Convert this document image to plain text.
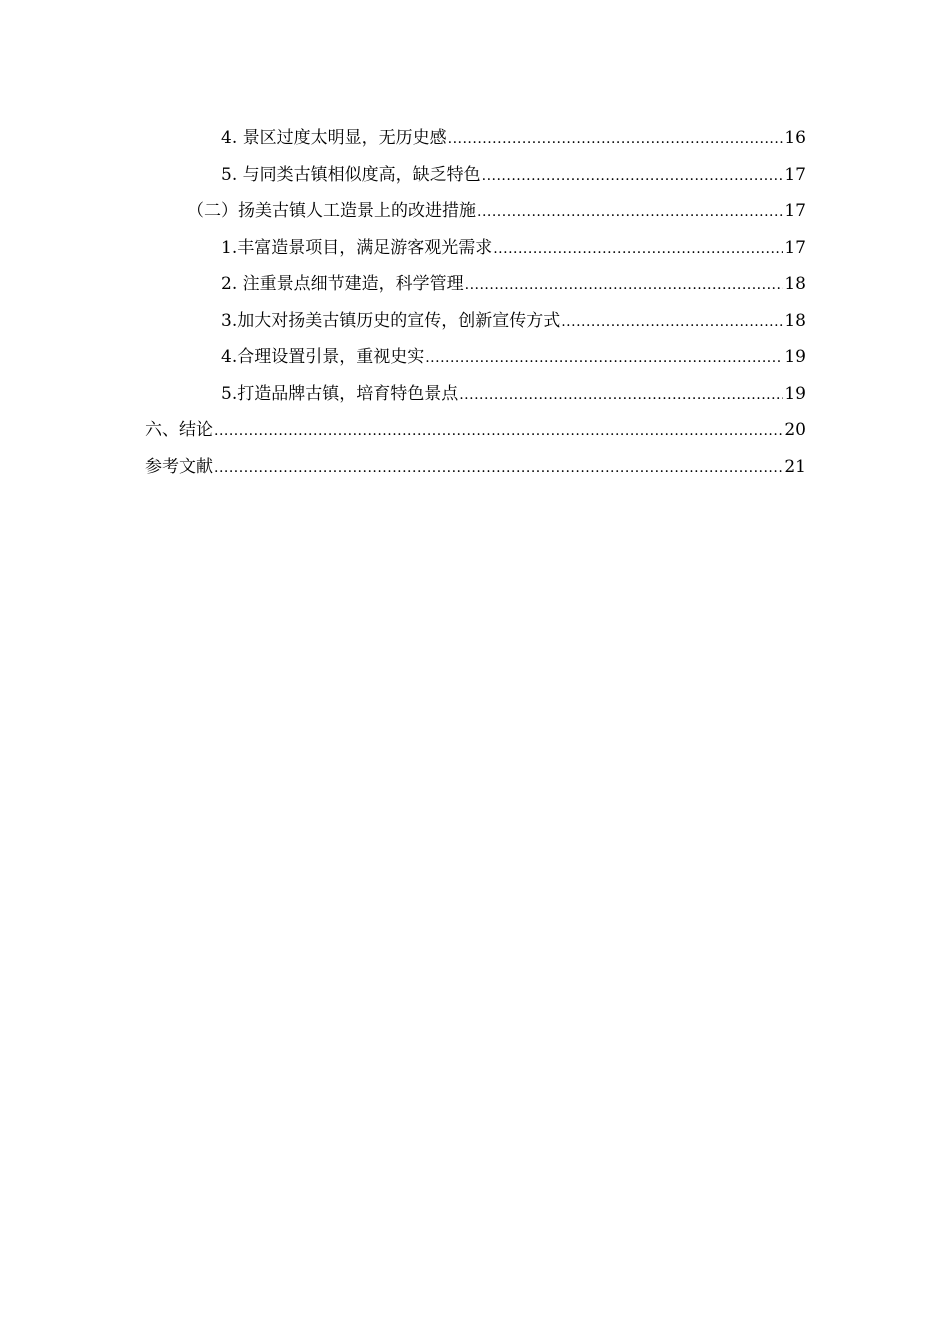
4. 景区过度太明显，无历史感 .....	16
5. 与同类古镇相似度高，缺乏特色 .....	17
（二）扬美古镇人工造景上的改进措施 .....	17
1.丰富造景项目，满足游客观光需求 .....	17
2. 注重景点细节建造，科学管理 .....	18
3.加大对扬美古镇历史的宣传，创新宣传方式 .....	18
4.合理设置引景，重视史实 .....	19
5.打造品牌古镇，培育特色景点 .....	19
六、结论 .....	20
参考文献 .....	21
